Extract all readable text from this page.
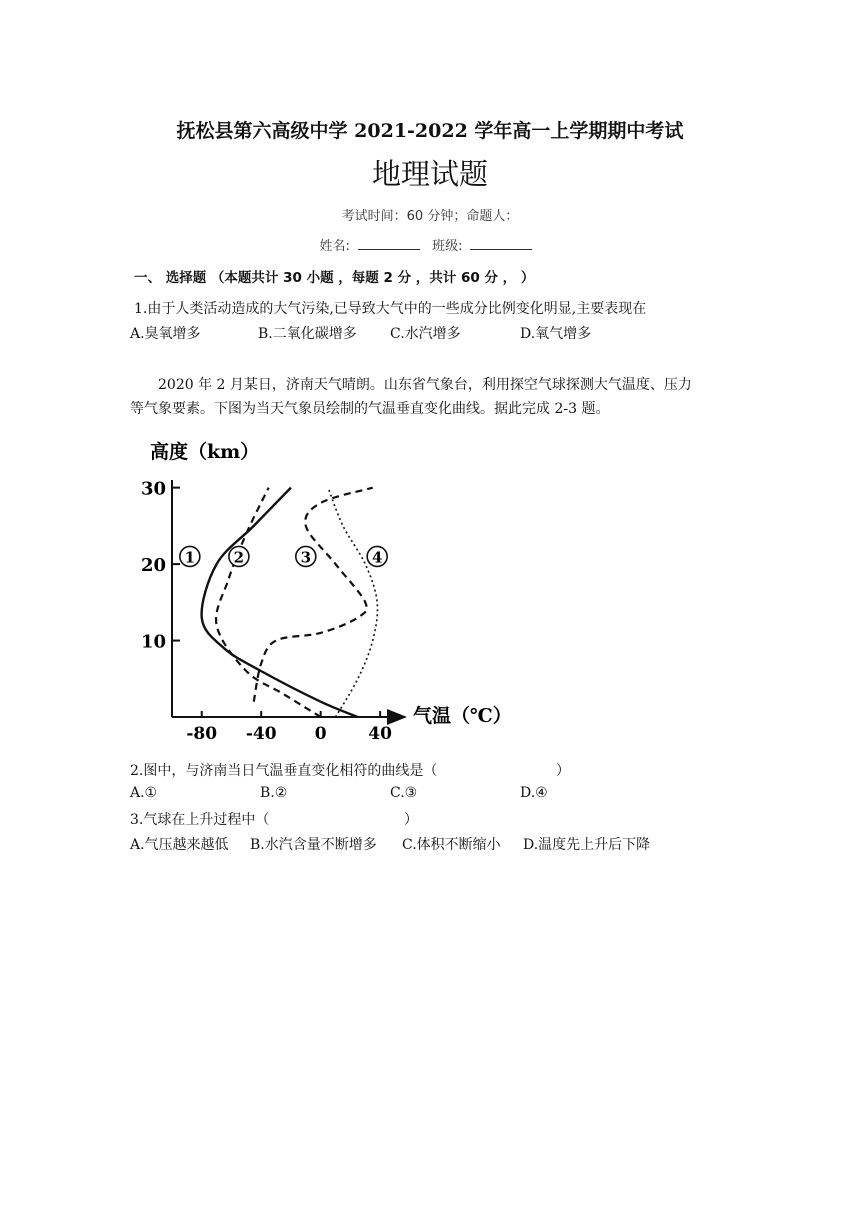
抚松县第六高级中学 2021-2022 学年高一上学期期中考试
地理试题
考试时间：60 分钟；命题人：
姓名:	班级:
一、 选择题 （本题共计 30 小题 ，每题 2 分 ，共计 60 分 ， ）
1.由于人类活动造成的大气污染,已导致大气中的一些成分比例变化明显,主要表现在
A.臭氧增多	B.二氧化碳增多 C.水汽增多	D.氧气增多
2020 年 2 月某日，济南天气晴朗。山东省气象台，利用探空气球探测大气温度、压力
等气象要素。下图为当天气象员绘制的气温垂直变化曲线。据此完成 2-3 题。
高度（km）
气温（℃）
-80 -40 0 40
10
20
30
1	2	3	4
2.图中，与济南当日气温垂直变化相符的曲线是（	）
A.①	B.②	C.③	D.④
3.气球在上升过程中（	）
A.气压越来越低 B.水汽含量不断增多 C.体积不断缩小 D.温度先上升后下降
